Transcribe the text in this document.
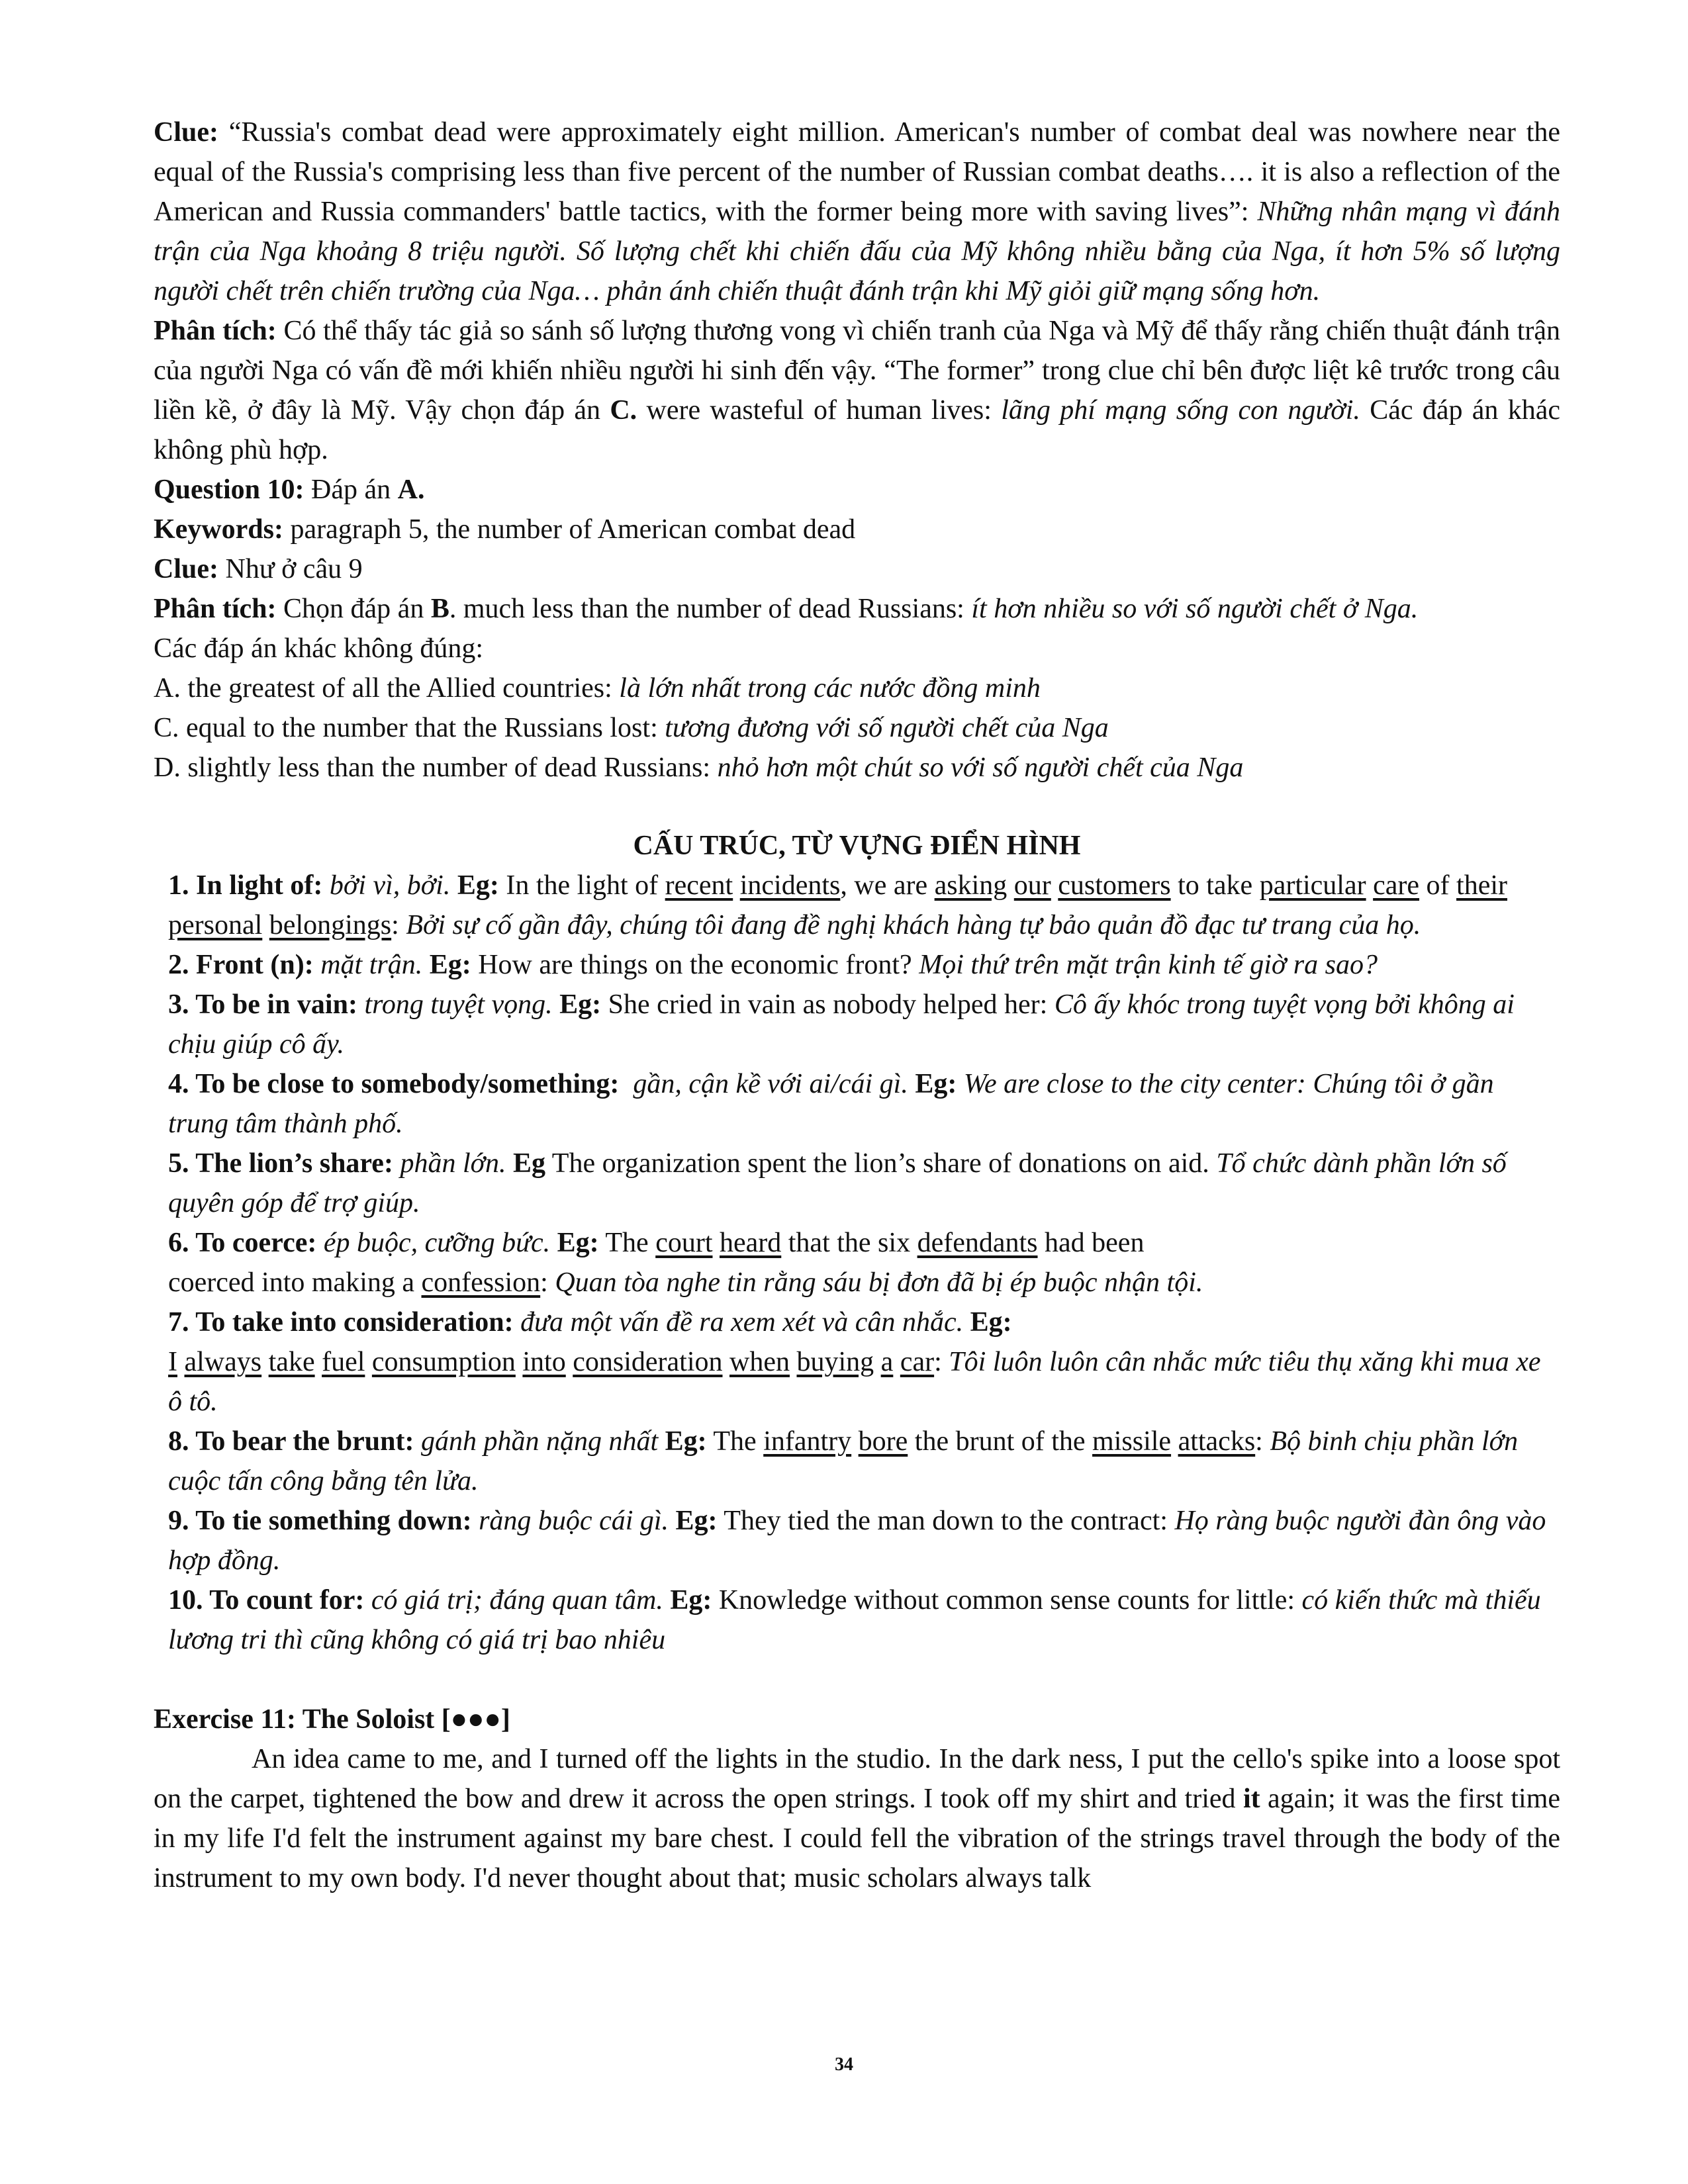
Clue: “Russia's combat dead were approximately eight million. American's number of combat deal was nowhere near the equal of the Russia's comprising less than five percent of the number of Russian combat deaths…. it is also a reflection of the American and Russia commanders' battle tactics, with the former being more with saving lives”: Những nhân mạng vì đánh trận của Nga khoảng 8 triệu người. Số lượng chết khi chiến đấu của Mỹ không nhiều bằng của Nga, ít hơn 5% số lượng người chết trên chiến trường của Nga… phản ánh chiến thuật đánh trận khi Mỹ giỏi giữ mạng sống hơn.

Phân tích: Có thể thấy tác giả so sánh số lượng thương vong vì chiến tranh của Nga và Mỹ để thấy rằng chiến thuật đánh trận của người Nga có vấn đề mới khiến nhiều người hi sinh đến vậy. “The former” trong clue chỉ bên được liệt kê trước trong câu liền kề, ở đây là Mỹ. Vậy chọn đáp án C. were wasteful of human lives: lãng phí mạng sống con người. Các đáp án khác không phù hợp.

Question 10: Đáp án A.

Keywords: paragraph 5, the number of American combat dead

Clue: Như ở câu 9

Phân tích: Chọn đáp án B. much less than the number of dead Russians: ít hơn nhiều so với số người chết ở Nga.

Các đáp án khác không đúng:

A. the greatest of all the Allied countries: là lớn nhất trong các nước đồng minh

C. equal to the number that the Russians lost: tương đương với số người chết của Nga

D. slightly less than the number of dead Russians: nhỏ hơn một chút so với số người chết của Nga

CẤU TRÚC, TỪ VỰNG ĐIỂN HÌNH

1. In light of: bởi vì, bởi. Eg: In the light of recent incidents, we are asking our customers to take particular care of their personal belongings: Bởi sự cố gần đây, chúng tôi đang đề nghị khách hàng tự bảo quản đồ đạc tư trang của họ.

2. Front (n): mặt trận. Eg: How are things on the economic front? Mọi thứ trên mặt trận kinh tế giờ ra sao?

3. To be in vain: trong tuyệt vọng. Eg: She cried in vain as nobody helped her: Cô ấy khóc trong tuyệt vọng bởi không ai chịu giúp cô ấy.

4. To be close to somebody/something: gần, cận kề với ai/cái gì. Eg: We are close to the city center: Chúng tôi ở gần trung tâm thành phố.

5. The lion’s share: phần lớn. Eg The organization spent the lion’s share of donations on aid. Tổ chức dành phần lớn số quyên góp để trợ giúp.

6. To coerce: ép buộc, cưỡng bức. Eg: The court heard that the six defendants had been
coerced into making a confession: Quan tòa nghe tin rằng sáu bị đơn đã bị ép buộc nhận tội.

7. To take into consideration: đưa một vấn đề ra xem xét và cân nhắc. Eg:
I always take fuel consumption into consideration when buying a car: Tôi luôn luôn cân nhắc mức tiêu thụ xăng khi mua xe ô tô.

8. To bear the brunt: gánh phần nặng nhất Eg: The infantry bore the brunt of the missile attacks: Bộ binh chịu phần lớn cuộc tấn công bằng tên lửa.

9. To tie something down: ràng buộc cái gì. Eg: They tied the man down to the contract: Họ ràng buộc người đàn ông vào hợp đồng.

10. To count for: có giá trị; đáng quan tâm. Eg: Knowledge without common sense counts for little: có kiến thức mà thiếu lương tri thì cũng không có giá trị bao nhiêu

Exercise 11: The Soloist [●●●]

An idea came to me, and I turned off the lights in the studio. In the dark ness, I put the cello's spike into a loose spot on the carpet, tightened the bow and drew it across the open strings. I took off my shirt and tried it again; it was the first time in my life I'd felt the instrument against my bare chest. I could fell the vibration of the strings travel through the body of the instrument to my own body. I'd never thought about that; music scholars always talk

34
